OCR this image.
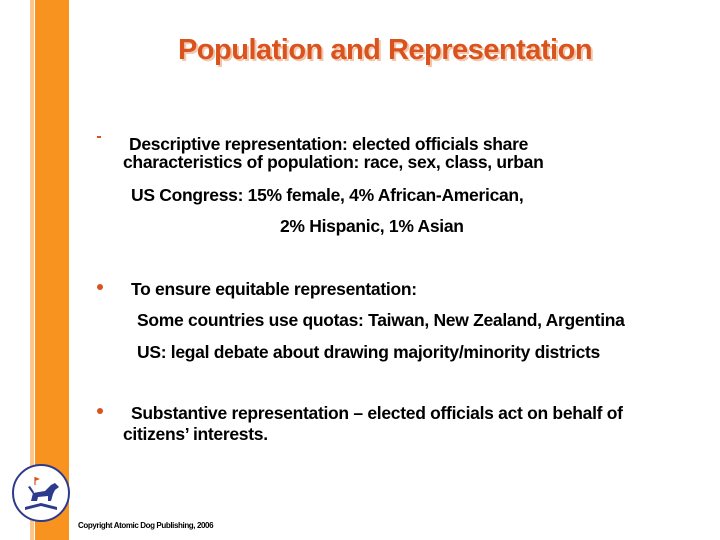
Population and Representation
Descriptive representation: elected officials share
characteristics of population: race, sex, class, urban
US Congress: 15% female, 4% African-American,
2% Hispanic, 1% Asian
To ensure equitable representation:
Some countries use quotas: Taiwan, New Zealand, Argentina
US: legal debate about drawing majority/minority districts
Substantive representation – elected officials act on behalf of
citizens’ interests.
Copyright Atomic Dog Publishing, 2006
